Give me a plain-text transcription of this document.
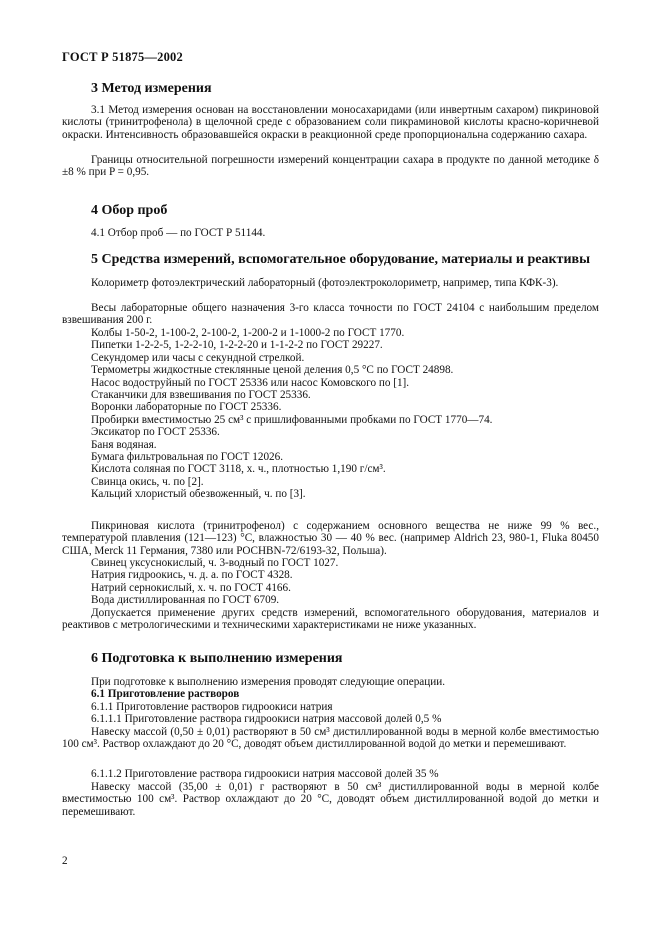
ГОСТ Р 51875—2002
3 Метод измерения

3.1 Метод измерения основан на восстановлении моносахаридами (или инвертным сахаром) пикриновой кислоты (тринитрофенола) в щелочной среде с образованием соли пикраминовой кислоты красно-коричневой окраски. Интенсивность образовавшейся окраски в реакционной среде пропорциональна содержанию сахара.

Границы относительной погрешности измерений концентрации сахара в продукте по данной методике δ ±8 % при P = 0,95.

4 Обор проб

4.1 Отбор проб — по ГОСТ Р 51144.

5 Средства измерений, вспомогательное оборудование, материалы и реактивы

Колориметр фотоэлектрический лабораторный (фотоэлектроколориметр, например, типа КФК-3).

Весы лабораторные общего назначения 3-го класса точности по ГОСТ 24104 с наибольшим пределом взвешивания 200 г.

Колбы 1-50-2, 1-100-2, 2-100-2, 1-200-2 и 1-1000-2 по ГОСТ 1770.
Пипетки 1-2-2-5, 1-2-2-10, 1-2-2-20 и 1-1-2-2 по ГОСТ 29227.
Секундомер или часы с секундной стрелкой.
Термометры жидкостные стеклянные ценой деления 0,5 °С по ГОСТ 24898.
Насос водоструйный по ГОСТ 25336 или насос Комовского по [1].
Стаканчики для взвешивания по ГОСТ 25336.
Воронки лабораторные по ГОСТ 25336.
Пробирки вместимостью 25 см³ с пришлифованными пробками по ГОСТ 1770—74.
Эксикатор по ГОСТ 25336.
Баня водяная.
Бумага фильтровальная по ГОСТ 12026.
Кислота соляная по ГОСТ 3118, х. ч., плотностью 1,190 г/см³.
Свинца окись, ч. по [2].
Кальций хлористый обезвоженный, ч. по [3].

Пикриновая кислота (тринитрофенол) с содержанием основного вещества не ниже 99 % вес., температурой плавления (121—123) °С, влажностью 30 — 40 % вес. (например Aldrich 23, 980-1, Fluka 80450 США, Merck 11 Германия, 7380 или POCHBN-72/6193-32, Польша).

Свинец уксуснокислый, ч. 3-водный по ГОСТ 1027.
Натрия гидроокись, ч. д. а. по ГОСТ 4328.
Натрий сернокислый, х. ч. по ГОСТ 4166.
Вода дистиллированная по ГОСТ 6709.

Допускается применение других средств измерений, вспомогательного оборудования, материалов и реактивов с метрологическими и техническими характеристиками не ниже указанных.

6 Подготовка к выполнению измерения

При подготовке к выполнению измерения проводят следующие операции.

6.1 Приготовление растворов

6.1.1 Приготовление растворов гидроокиси натрия

6.1.1.1 Приготовление раствора гидроокиси натрия массовой долей 0,5 %

Навеску массой (0,50 ± 0,01) растворяют в 50 см³ дистиллированной воды в мерной колбе вместимостью 100 см³. Раствор охлаждают до 20 °С, доводят объем дистиллированной водой до метки и перемешивают.

6.1.1.2 Приготовление раствора гидроокиси натрия массовой долей 35 %

Навеску массой (35,00 ± 0,01) г растворяют в 50 см³ дистиллированной воды в мерной колбе вместимостью 100 см³. Раствор охлаждают до 20 °С, доводят объем дистиллированной водой до метки и перемешивают.

2
